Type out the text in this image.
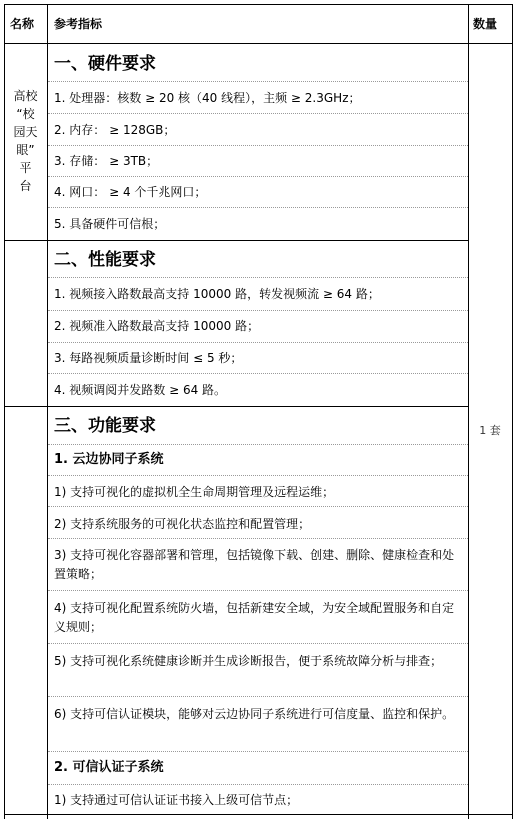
名称 参考指标	数量
高校
“校
园天
眼”
平
台
1 套
一、硬件要求
1. 处理器：核数 ≥ 20 核（40 线程），主频 ≥ 2.3GHz；
2. 内存： ≥ 128GB；
3. 存储： ≥ 3TB；
4. 网口： ≥ 4 个千兆网口；
5. 具备硬件可信根；
二、性能要求
1. 视频接入路数最高支持 10000 路，转发视频流 ≥ 64 路；
2. 视频准入路数最高支持 10000 路；
3. 每路视频质量诊断时间 ≤ 5 秒；
4. 视频调阅并发路数 ≥ 64 路。
三、功能要求
1. 云边协同子系统
1) 支持可视化的虚拟机全生命周期管理及远程运维；
2) 支持系统服务的可视化状态监控和配置管理；
3) 支持可视化容器部署和管理，包括镜像下载、创建、删除、健康检查和处置策略；
4) 支持可视化配置系统防火墙，包括新建安全域，为安全域配置服务和自定义规则；
5) 支持可视化系统健康诊断并生成诊断报告，便于系统故障分析与排查；
6) 支持可信认证模块，能够对云边协同子系统进行可信度量、监控和保护。
2. 可信认证子系统
1) 支持通过可信认证证书接入上级可信节点；
